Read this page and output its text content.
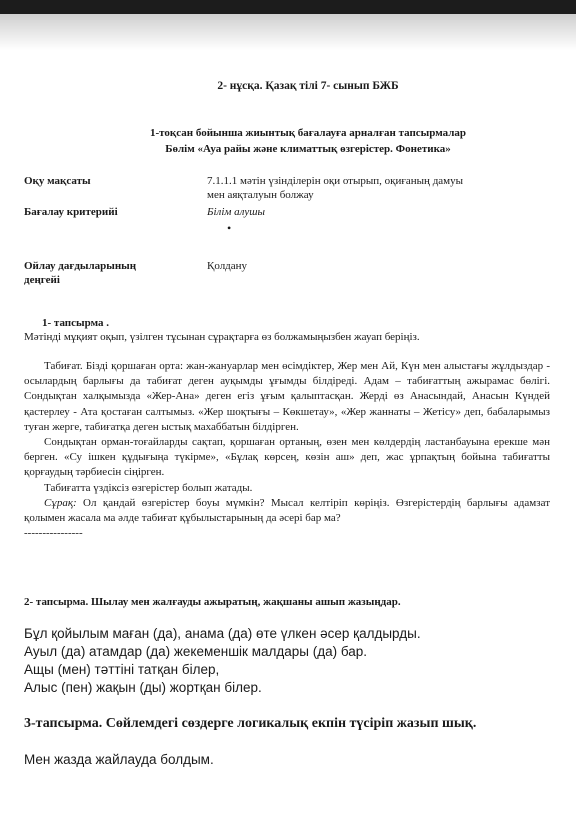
2- нұсқа. Қазақ тілі 7- сынып БЖБ
1-тоқсан бойынша жиынтық бағалауға арналған тапсырмалар
Бөлім «Ауа райы және климаттық өзгерістер. Фонетика»
Оқу мақсаты	7.1.1.1 мәтін үзінділерін оқи отырып, оқиғаның дамуы
мен аяқталуын болжау
Бағалау критерийі	Білім алушы
•
Ойлау дағдыларының
деңгейі
Қолдану
1- тапсырма .
Мәтінді мұқият оқып, үзілген тұсынан сұрақтарға өз болжамыңызбен жауап беріңіз.

Табиғат. Бізді қоршаған орта: жан-жануарлар мен өсімдіктер, Жер мен Ай, Күн мен алыстағы жұлдыздар - осылардың барлығы да табиғат деген ауқымды ұғымды білдіреді. Адам – табиғаттың ажырамас бөлігі. Сондықтан халқымызда «Жер-Ана» деген егіз ұғым қалыптасқан. Жерді өз Анасындай, Анасын Күндей қастерлеу - Ата қостаған салтымыз. «Жер шоқтығы – Көкшетау», «Жер жаннаты – Жетісу» деп, бабаларымыз туған жерге, табиғатқа деген ыстық махаббатын білдірген.

Сондықтан орман-тоғайларды сақтап, қоршаған ортаның, өзен мен көлдердің ластанбауына ерекше мән берген. «Су ішкен құдығыңа түкірме», «Бұлақ көрсең, көзін аш» деп, жас ұрпақтың бойына табиғатты қорғаудың тәрбиесін сіңірген.

Табиғатта үздіксіз өзгерістер болып жатады.

Сұрақ: Ол қандай өзгерістер боуы мүмкін? Мысал келтіріп көріңіз. Өзгерістердің барлығы адамзат қолымен жасала ма әлде табиғат құбылыстарының да әсері бар ма?

----------------

2- тапсырма. Шылау мен жалғауды ажыратың, жақшаны ашып жазыңдар.
Бұл қойылым маған (да), анама (да) өте үлкен әсер қалдырды.
Ауыл (да) атамдар (да) жекеменшік малдары (да) бар.
Ащы (мен) тәттіні татқан білер,
Алыс (пен) жақын (ды) жортқан білер.
3-тапсырма. Сөйлемдегі сөздерге логикалық екпін түсіріп жазып шық.
Мен жазда жайлауда болдым.
